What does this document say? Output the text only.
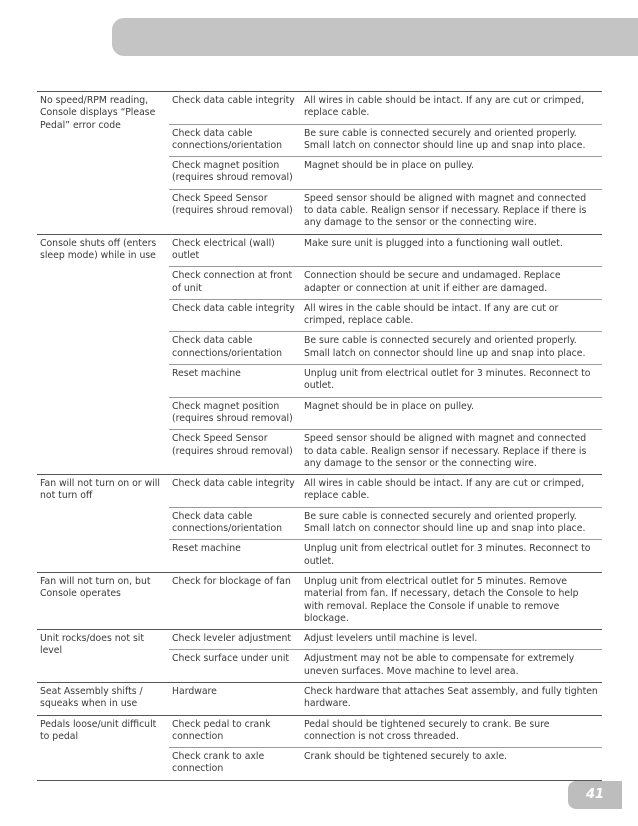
No speed/RPM reading, Console displays “Please Pedal” error code	Check data cable integrity	All wires in cable should be intact. If any are cut or crimped, replace cable.
	Check data cable connections/orientation	Be sure cable is connected securely and oriented properly. Small latch on connector should line up and snap into place.
	Check magnet position (requires shroud removal)	Magnet should be in place on pulley.
	Check Speed Sensor (requires shroud removal)	Speed sensor should be aligned with magnet and connected to data cable. Realign sensor if necessary. Replace if there is any damage to the sensor or the connecting wire.
Console shuts off (enters sleep mode) while in use	Check electrical (wall) outlet	Make sure unit is plugged into a functioning wall outlet.
	Check connection at front of unit	Connection should be secure and undamaged. Replace adapter or connection at unit if either are damaged.
	Check data cable integrity	All wires in the cable should be intact. If any are cut or crimped, replace cable.
	Check data cable connections/orientation	Be sure cable is connected securely and oriented properly. Small latch on connector should line up and snap into place.
	Reset machine	Unplug unit from electrical outlet for 3 minutes. Reconnect to outlet.
	Check magnet position (requires shroud removal)	Magnet should be in place on pulley.
	Check Speed Sensor (requires shroud removal)	Speed sensor should be aligned with magnet and connected to data cable. Realign sensor if necessary. Replace if there is any damage to the sensor or the connecting wire.
Fan will not turn on or will not turn off	Check data cable integrity	All wires in cable should be intact. If any are cut or crimped, replace cable.
	Check data cable connections/orientation	Be sure cable is connected securely and oriented properly. Small latch on connector should line up and snap into place.
	Reset machine	Unplug unit from electrical outlet for 3 minutes. Reconnect to outlet.
Fan will not turn on, but Console operates	Check for blockage of fan	Unplug unit from electrical outlet for 5 minutes. Remove material from fan. If necessary, detach the Console to help with removal. Replace the Console if unable to remove blockage.
Unit rocks/does not sit level	Check leveler adjustment	Adjust levelers until machine is level.
	Check surface under unit	Adjustment may not be able to compensate for extremely uneven surfaces. Move machine to level area.
Seat Assembly shifts / squeaks when in use	Hardware	Check hardware that attaches Seat assembly, and fully tighten hardware.
Pedals loose/unit difficult to pedal	Check pedal to crank connection	Pedal should be tightened securely to crank. Be sure connection is not cross threaded.
	Check crank to axle connection	Crank should be tightened securely to axle.
41
